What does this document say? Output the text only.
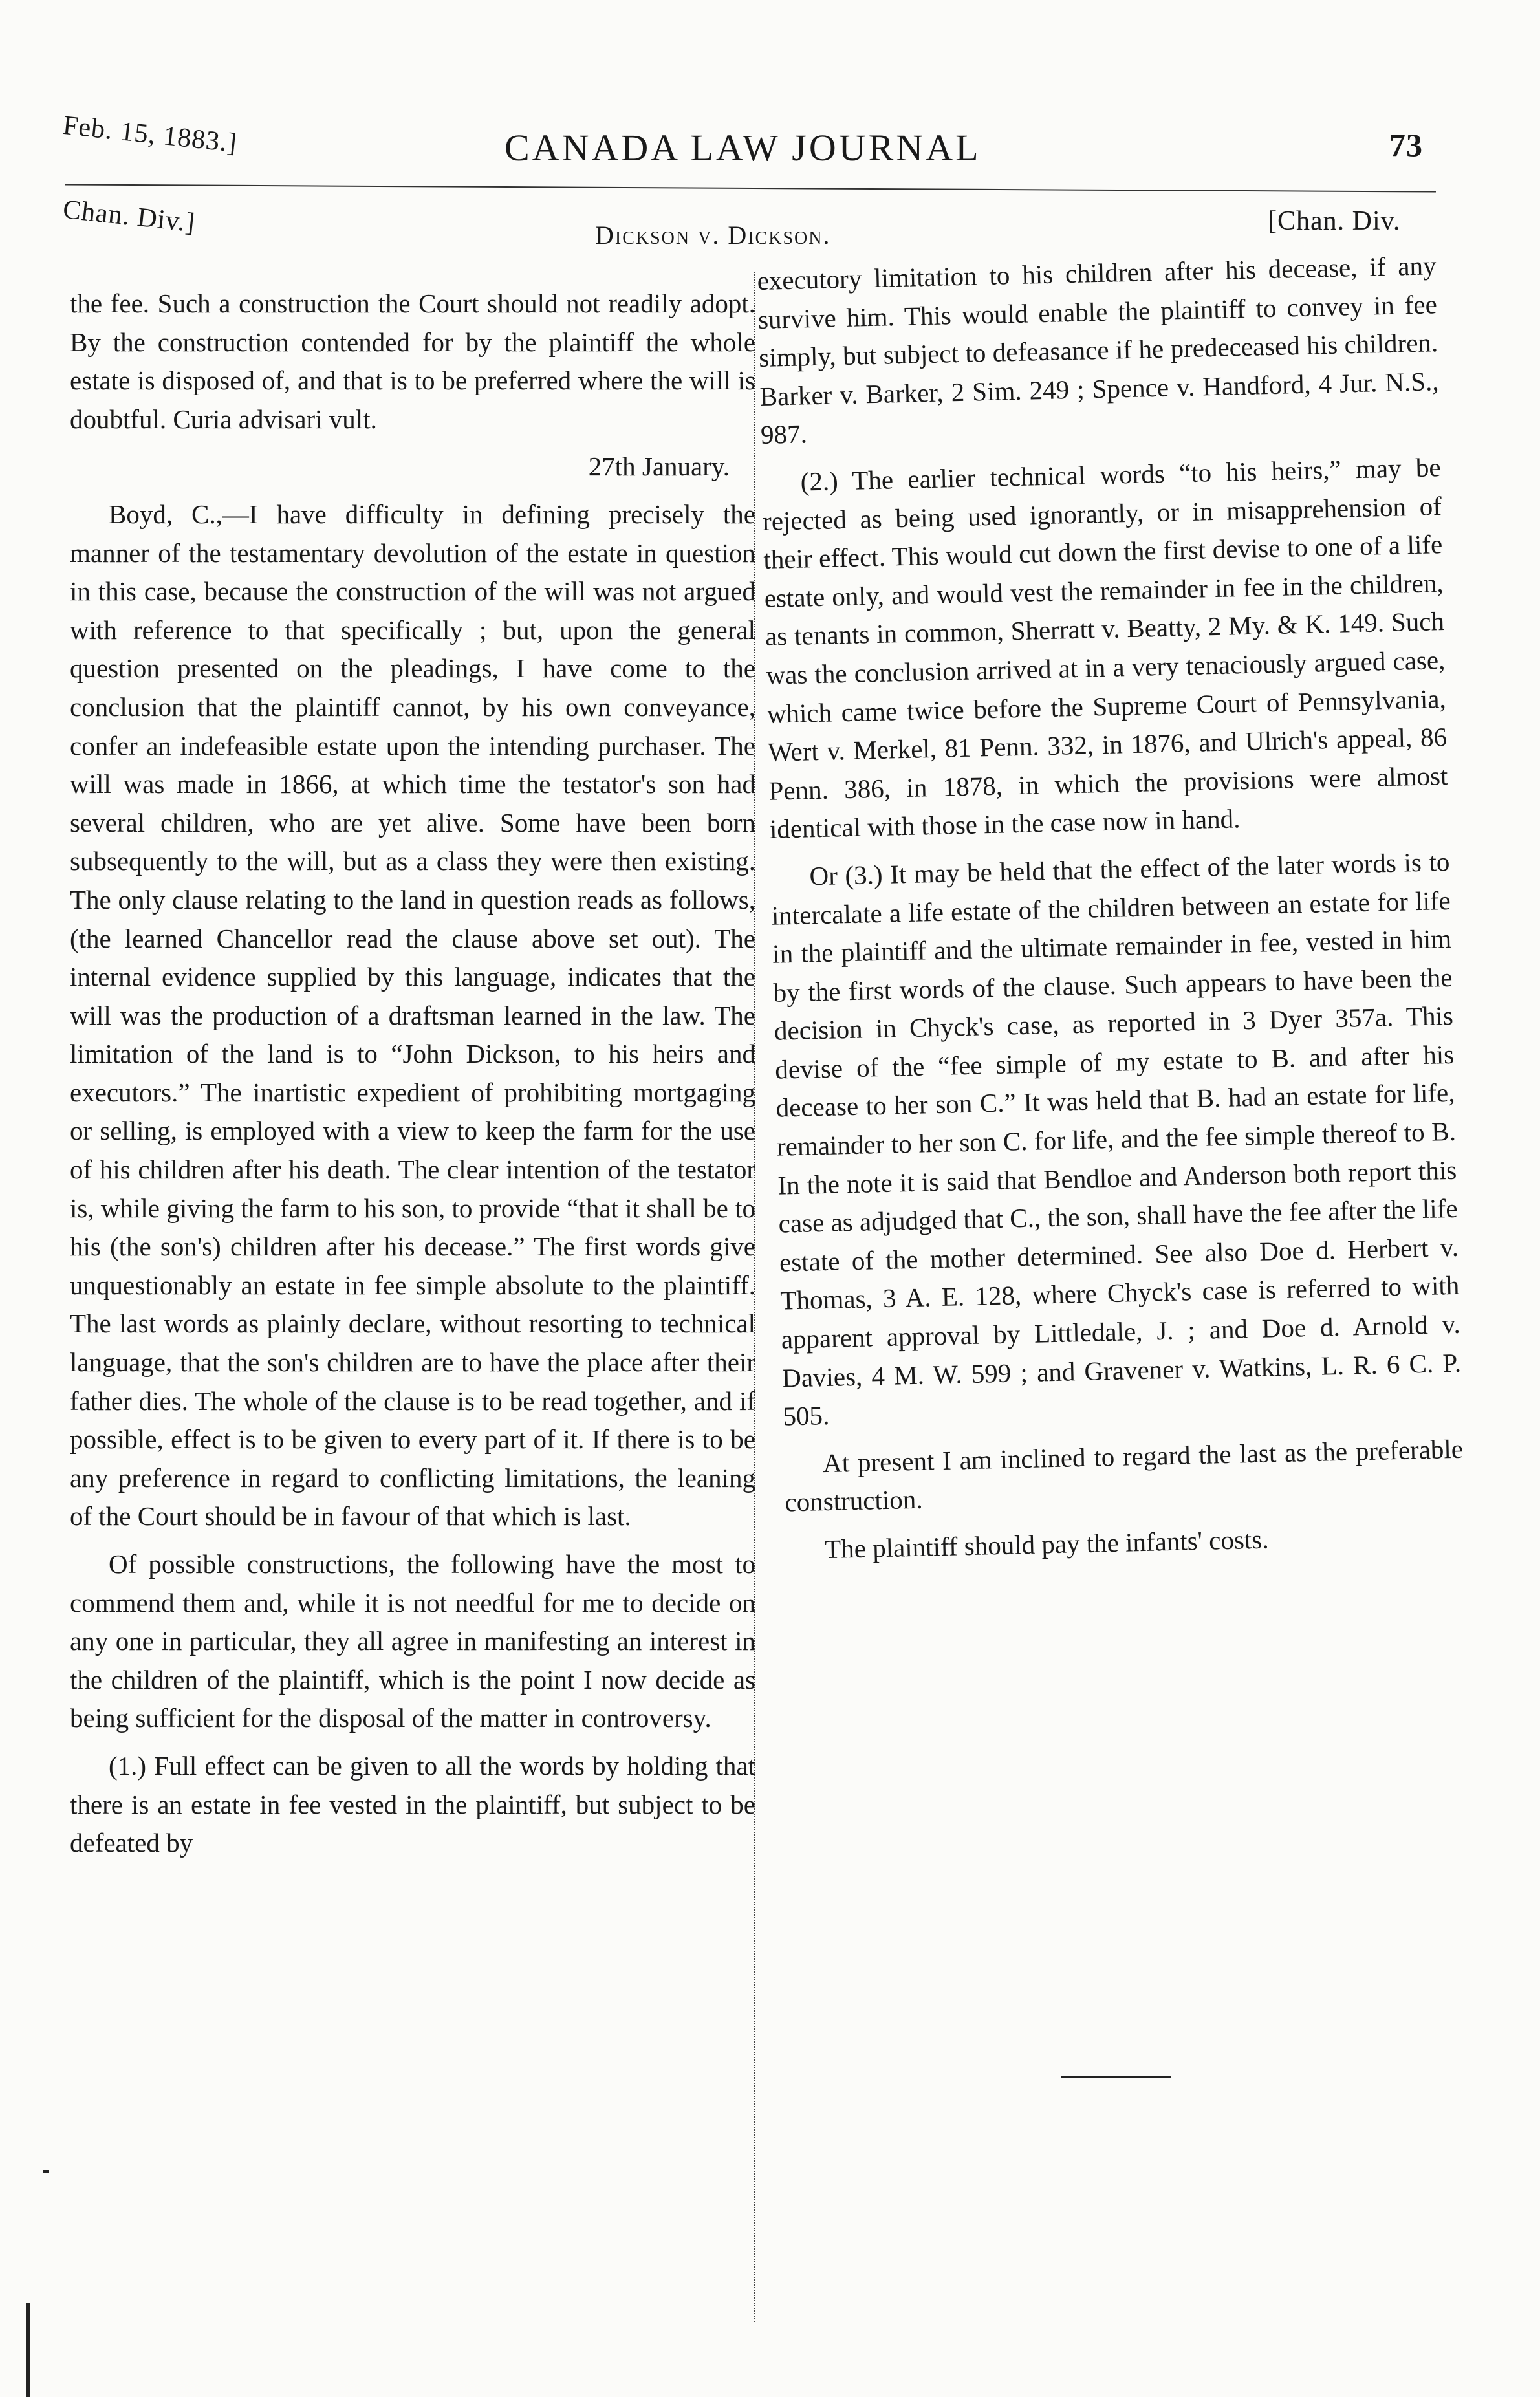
Feb. 15, 1883.]	CANADA LAW JOURNAL	73
Chan. Div.]	Dickson v. Dickson.	[Chan. Div.

the fee. Such a construction the Court should not readily adopt. By the construction contended for by the plaintiff the whole estate is disposed of, and that is to be preferred where the will is doubtful. Curia advisari vult.

27th January.

Boyd, C.,—I have difficulty in defining precisely the manner of the testamentary devolution of the estate in question in this case, because the construction of the will was not argued with reference to that specifically ; but, upon the general question presented on the pleadings, I have come to the conclusion that the plaintiff cannot, by his own conveyance, confer an indefeasible estate upon the intending purchaser. The will was made in 1866, at which time the testator's son had several children, who are yet alive. Some have been born subsequently to the will, but as a class they were then existing. The only clause relating to the land in question reads as follows, (the learned Chancellor read the clause above set out). The internal evidence supplied by this language, indicates that the will was the production of a draftsman learned in the law. The limitation of the land is to “John Dickson, to his heirs and executors.” The inartistic expedient of prohibiting mortgaging or selling, is employed with a view to keep the farm for the use of his children after his death. The clear intention of the testator is, while giving the farm to his son, to provide “that it shall be to his (the son's) children after his decease.” The first words give unquestionably an estate in fee simple absolute to the plaintiff. The last words as plainly declare, without resorting to technical language, that the son's children are to have the place after their father dies. The whole of the clause is to be read together, and if possible, effect is to be given to every part of it. If there is to be any preference in regard to conflicting limitations, the leaning of the Court should be in favour of that which is last.

Of possible constructions, the following have the most to commend them and, while it is not needful for me to decide on any one in particular, they all agree in manifesting an interest in the children of the plaintiff, which is the point I now decide as being sufficient for the disposal of the matter in controversy.

(1.) Full effect can be given to all the words by holding that there is an estate in fee vested in the plaintiff, but subject to be defeated by

executory limitation to his children after his decease, if any survive him. This would enable the plaintiff to convey in fee simply, but subject to defeasance if he predeceased his children. Barker v. Barker, 2 Sim. 249 ; Spence v. Handford, 4 Jur. N.S., 987.

(2.) The earlier technical words “to his heirs,” may be rejected as being used ignorantly, or in misapprehension of their effect. This would cut down the first devise to one of a life estate only, and would vest the remainder in fee in the children, as tenants in common, Sherratt v. Beatty, 2 My. & K. 149. Such was the conclusion arrived at in a very tenaciously argued case, which came twice before the Supreme Court of Pennsylvania, Wert v. Merkel, 81 Penn. 332, in 1876, and Ulrich's appeal, 86 Penn. 386, in 1878, in which the provisions were almost identical with those in the case now in hand.

Or (3.) It may be held that the effect of the later words is to intercalate a life estate of the children between an estate for life in the plaintiff and the ultimate remainder in fee, vested in him by the first words of the clause. Such appears to have been the decision in Chyck's case, as reported in 3 Dyer 357a. This devise of the “fee simple of my estate to B. and after his decease to her son C.” It was held that B. had an estate for life, remainder to her son C. for life, and the fee simple thereof to B. In the note it is said that Bendloe and Anderson both report this case as adjudged that C., the son, shall have the fee after the life estate of the mother determined. See also Doe d. Herbert v. Thomas, 3 A. E. 128, where Chyck's case is referred to with apparent approval by Littledale, J. ; and Doe d. Arnold v. Davies, 4 M. W. 599 ; and Gravener v. Watkins, L. R. 6 C. P. 505.

At present I am inclined to regard the last as the preferable construction.

The plaintiff should pay the infants' costs.
